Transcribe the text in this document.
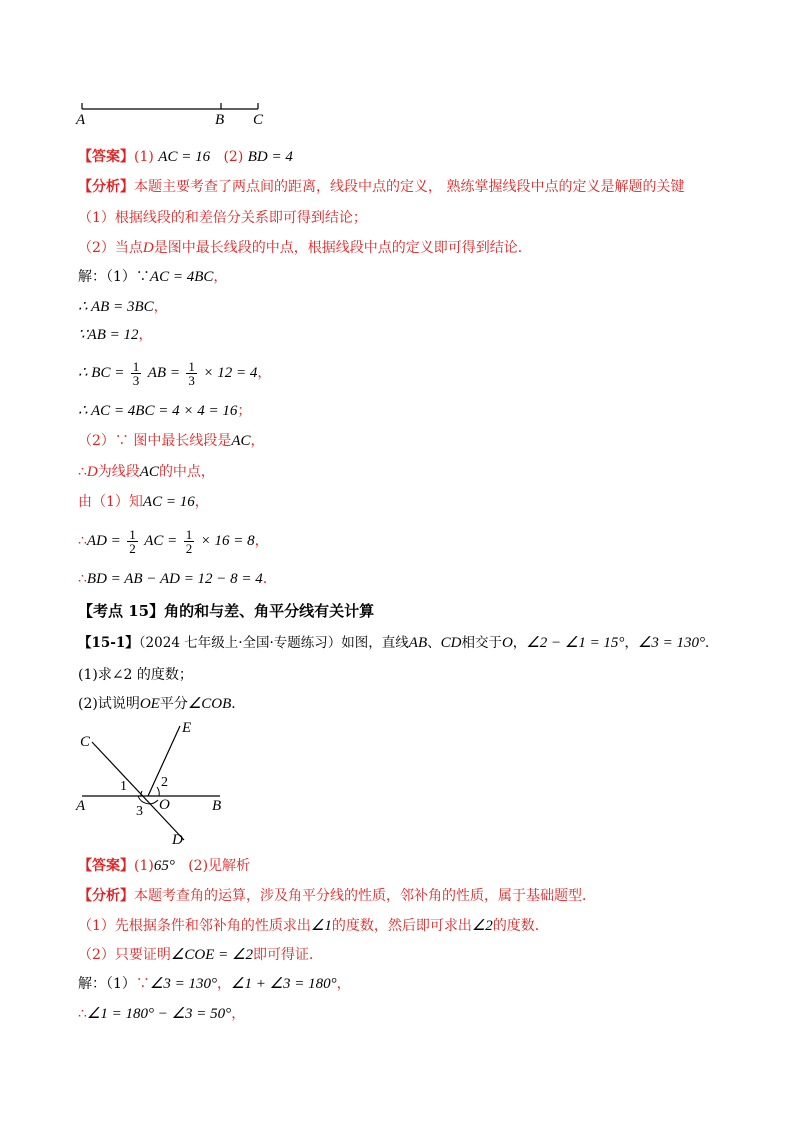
A	B C
【答案】(1) AC = 16 (2) BD = 4
【分析】本题主要考查了两点间的距离，线段中点的定义， 熟练掌握线段中点的定义是解题的关键
（1）根据线段的和差倍分关系即可得到结论；
（2）当点D是图中最长线段的中点，根据线段中点的定义即可得到结论．
解：（1）∵AC = 4BC，
∴ AB = 3BC，
∵AB = 12，
∴ BC = $\frac{1}{3}$ AB = $\frac{1}{3} \times 12 = 4$，
∴ AC = 4BC = 4 × 4 = 16；
（2）∵ 图中最长线段是AC，
∴D为线段AC的中点，
由（1）知AC = 16，
∴AD = $\frac{1}{2}$ AC = $\frac{1}{2} \times 16 = 8$，
∴BD = AB − AD = 12 − 8 = 4．
【考点 15】角的和与差、角平分线有关计算
【15-1】（2024 七年级上·全国·专题练习）如图，直线AB、CD相交于O，∠2 − ∠1 = 15°，∠3 = 130°．
(1)求∠2 的度数；
(2)试说明OE平分∠COB．
C
E
1 2
A	O	B
3
D
【答案】(1)65° (2)见解析
【分析】本题考查角的运算，涉及角平分线的性质，邻补角的性质，属于基础题型．
（1）先根据条件和邻补角的性质求出∠1的度数，然后即可求出∠2的度数．
（2）只要证明∠COE = ∠2即可得证．
解：（1）∵∠3 = 130°，∠1 + ∠3 = 180°，
∴∠1 = 180° − ∠3 = 50°，
